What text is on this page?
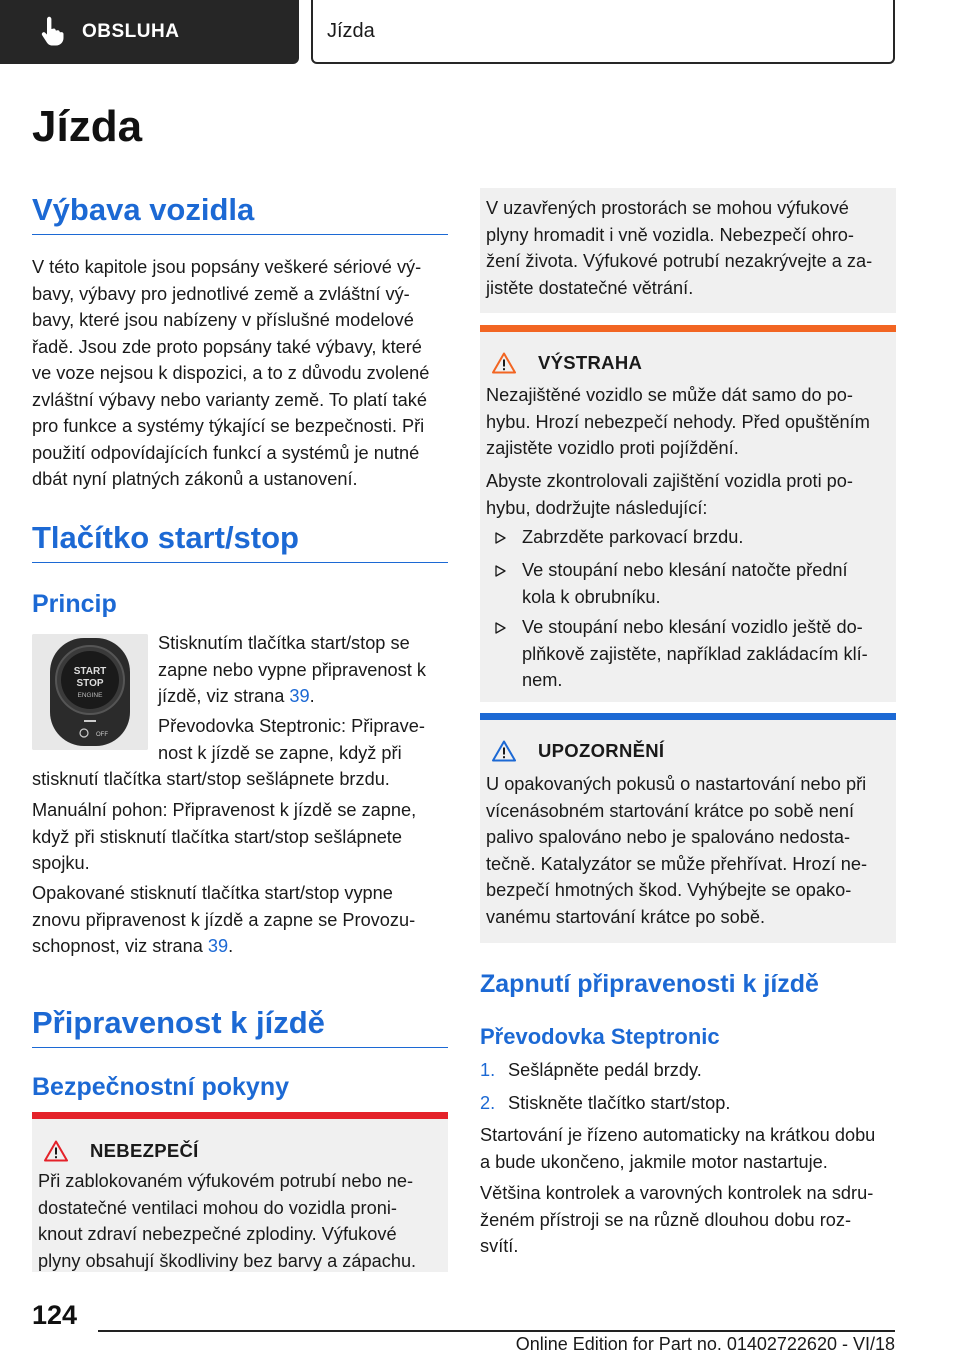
OBSLUHA	Jízda
Jízda
Výbava vozidla
V této kapitole jsou popsány veškeré sériové vý-
bavy, výbavy pro jednotlivé země a zvláštní vý-
bavy, které jsou nabízeny v příslušné modelové
řadě. Jsou zde proto popsány také výbavy, které
ve voze nejsou k dispozici, a to z důvodu zvolené
zvláštní výbavy nebo varianty země. To platí také
pro funkce a systémy týkající se bezpečnosti. Při
použití odpovídajících funkcí a systémů je nutné
dbát nyní platných zákonů a ustanovení.
Tlačítko start/stop
Princip
START
STOP
ENGINE
OFF
Stisknutím tlačítka start/stop se
zapne nebo vypne připravenost k
jízdě, viz strana 39.
Převodovka Steptronic: Připrave-
nost k jízdě se zapne, když při
stisknutí tlačítka start/stop sešlápnete brzdu.
Manuální pohon: Připravenost k jízdě se zapne,
když při stisknutí tlačítka start/stop sešlápnete
spojku.
Opakované stisknutí tlačítka start/stop vypne
znovu připravenost k jízdě a zapne se Provozu-
schopnost, viz strana 39.
Připravenost k jízdě
Bezpečnostní pokyny
NEBEZPEČÍ
Při zablokovaném výfukovém potrubí nebo ne-
dostatečné ventilaci mohou do vozidla proni-
knout zdraví nebezpečné zplodiny. Výfukové
plyny obsahují škodliviny bez barvy a zápachu.
V uzavřených prostorách se mohou výfukové
plyny hromadit i vně vozidla. Nebezpečí ohro-
žení života. Výfukové potrubí nezakrývejte a za-
jistěte dostatečné větrání.
VÝSTRAHA
Nezajištěné vozidlo se může dát samo do po-
hybu. Hrozí nebezpečí nehody. Před opuštěním
zajistěte vozidlo proti pojíždění.
Abyste zkontrolovali zajištění vozidla proti po-
hybu, dodržujte následující:
Zabrzděte parkovací brzdu.
Ve stoupání nebo klesání natočte přední
kola k obrubníku.
Ve stoupání nebo klesání vozidlo ještě do-
plňkově zajistěte, například zakládacím klí-
nem.
UPOZORNĚNÍ
U opakovaných pokusů o nastartování nebo při
vícenásobném startování krátce po sobě není
palivo spalováno nebo je spalováno nedosta-
tečně. Katalyzátor se může přehřívat. Hrozí ne-
bezpečí hmotných škod. Vyhýbejte se opako-
vanému startování krátce po sobě.
Zapnutí připravenosti k jízdě
Převodovka Steptronic
1. Sešlápněte pedál brzdy.
2. Stiskněte tlačítko start/stop.
Startování je řízeno automaticky na krátkou dobu
a bude ukončeno, jakmile motor nastartuje.
Většina kontrolek a varovných kontrolek na sdru-
ženém přístroji se na různě dlouhou dobu roz-
svítí.
124
Online Edition for Part no. 01402722620 - VI/18
